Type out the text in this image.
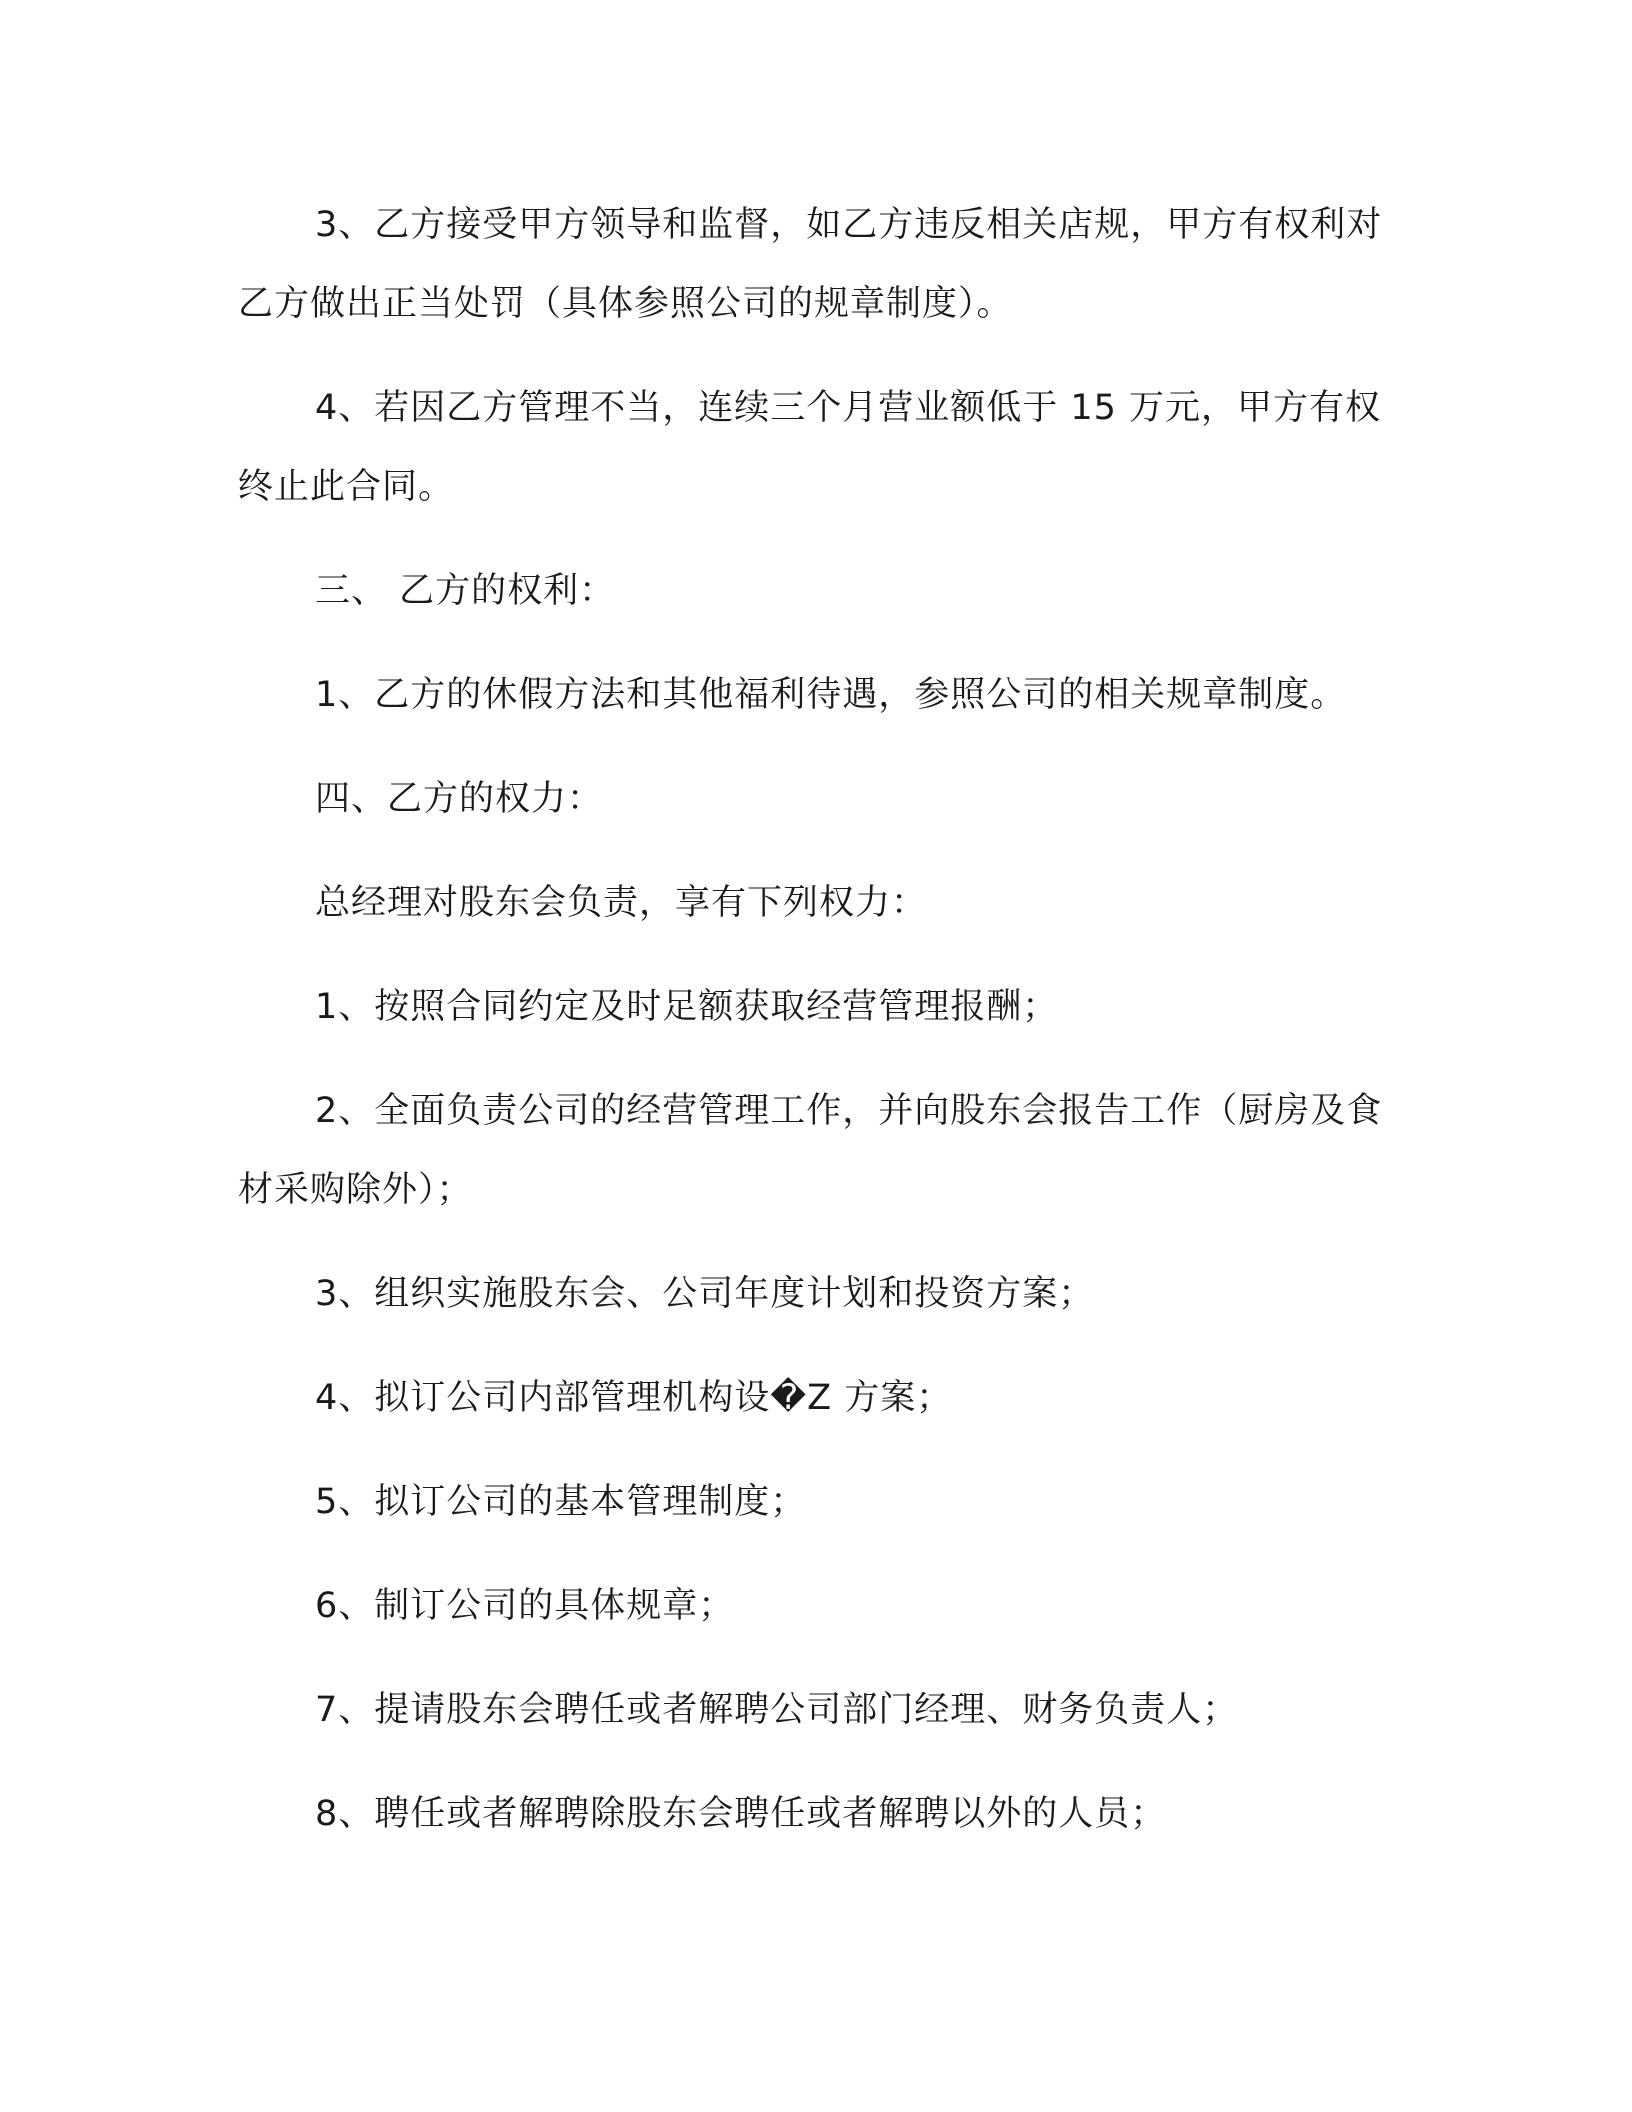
3、乙方接受甲方领导和监督，如乙方违反相关店规，甲方有权利对乙方做出正当处罚（具体参照公司的规章制度）。

4、若因乙方管理不当，连续三个月营业额低于 15 万元，甲方有权终止此合同。

三、 乙方的权利：

1、乙方的休假方法和其他福利待遇，参照公司的相关规章制度。

四、乙方的权力：

总经理对股东会负责，享有下列权力：

1、按照合同约定及时足额获取经营管理报酬；

2、全面负责公司的经营管理工作，并向股东会报告工作（厨房及食材采购除外）；

3、组织实施股东会、公司年度计划和投资方案；

4、拟订公司内部管理机构设�Z 方案；

5、拟订公司的基本管理制度；

6、制订公司的具体规章；

7、提请股东会聘任或者解聘公司部门经理、财务负责人；

8、聘任或者解聘除股东会聘任或者解聘以外的人员；
